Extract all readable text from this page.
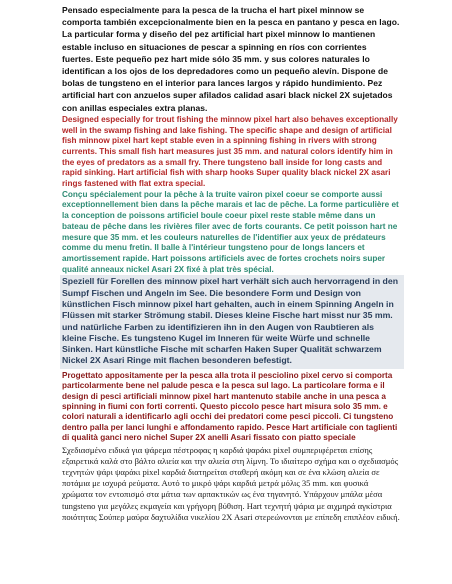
Pensado especialmente para la pesca de la trucha el hart pixel minnow se comporta también excepcionalmente bien en la pesca en pantano y pesca en lago. La particular forma y diseño del pez artificial hart pixel minnow lo mantienen estable incluso en situaciones de pescar a spinning en ríos con corrientes fuertes. Este pequeño pez hart mide sólo 35 mm. y sus colores naturales lo identifican a los ojos de los depredadores como un pequeño alevín. Dispone de bolas de tungsteno en el interior para lances largos y rápido hundimiento. Pez artificial hart con anzuelos super afilados calidad asari black nickel 2X sujetados con anillas especiales extra planas.

Designed especially for trout fishing the minnow pixel hart also behaves exceptionally well in the swamp fishing and lake fishing. The specific shape and design of artificial fish minnow pixel hart kept stable even in a spinning fishing in rivers with strong currents. This small fish hart measures just 35 mm. and natural colors identify him in the eyes of predators as a small fry. There tungsteno ball inside for long casts and rapid sinking. Hart artificial fish with sharp hooks Super quality black nickel 2X asari rings fastened with flat extra special.

Conçu spécialement pour la pêche à la truite vairon pixel coeur se comporte aussi exceptionnellement bien dans la pêche marais et lac de pêche. La forme particulière et la conception de poissons artificiel boule coeur pixel reste stable même dans un bateau de pêche dans les rivières filer avec de forts courants. Ce petit poisson hart ne mesure que 35 mm. et les couleurs naturelles de l'identifier aux yeux de prédateurs comme du menu fretin. Il balle à l'intérieur tungsteno pour de longs lancers et amortissement rapide. Hart poissons artificiels avec de fortes crochets noirs super qualité anneaux nickel Asari 2X fixé à plat très spécial.

Speziell für Forellen des minnow pixel hart verhält sich auch hervorragend in den Sumpf Fischen und Angeln im See. Die besondere Form und Design von künstlichen Fisch minnow pixel hart gehalten, auch in einem Spinning Angeln in Flüssen mit starker Strömung stabil. Dieses kleine Fische hart misst nur 35 mm. und natürliche Farben zu identifizieren ihn in den Augen von Raubtieren als kleine Fische. Es tungsteno Kugel im Inneren für weite Würfe und schnelle Sinken. Hart künstliche Fische mit scharfen Haken Super Qualität schwarzem Nickel 2X Asari Ringe mit flachen besonderen befestigt.

Progettato appositamente per la pesca alla trota il pesciolino pixel cervo si comporta particolarmente bene nel palude pesca e la pesca sul lago. La particolare forma e il design di pesci artificiali minnow pixel hart mantenuto stabile anche in una pesca a spinning in fiumi con forti correnti. Questo piccolo pesce hart misura solo 35 mm. e colori naturali a identificarlo agli occhi dei predatori come pesci piccoli. Ci tungsteno dentro palla per lanci lunghi e affondamento rapido. Pesce Hart artificiale con taglienti di qualità ganci nero nichel Super 2X anelli Asari fissato con piatto speciale

Σχεδιασμένο ειδικά για ψάρεμα πέστροφας η καρδιά ψαράκι pixel συμπεριφέρεται επίσης εξαιρετικά καλά στο βάλτο αλιεία και την αλιεία στη λίμνη. Το ιδιαίτερο σχήμα και ο σχεδιασμός τεχνητών ψάρι ψαράκι pixel καρδιά διατηρείται σταθερή ακόμη και σε ένα κλώση αλιεία σε ποτάμια με ισχυρά ρεύματα. Αυτό το μικρό ψάρι καρδιά μετρά μόλις 35 mm. και φυσικά χρώματα τον εντοπισμό στα μάτια των αρπακτικών ως ένα τηγανητό. Υπάρχουν μπάλα μέσα tungsteno για μεγάλες εκμαγεία και γρήγορη βύθιση. Hart τεχνητή ψάρια με αιχμηρά αγκίστρια ποιότητας Σούπερ μαύρα δαχτυλίδια νικελίου 2X Asari στερεώνονται με επίπεδη επιπλέον ειδική.
